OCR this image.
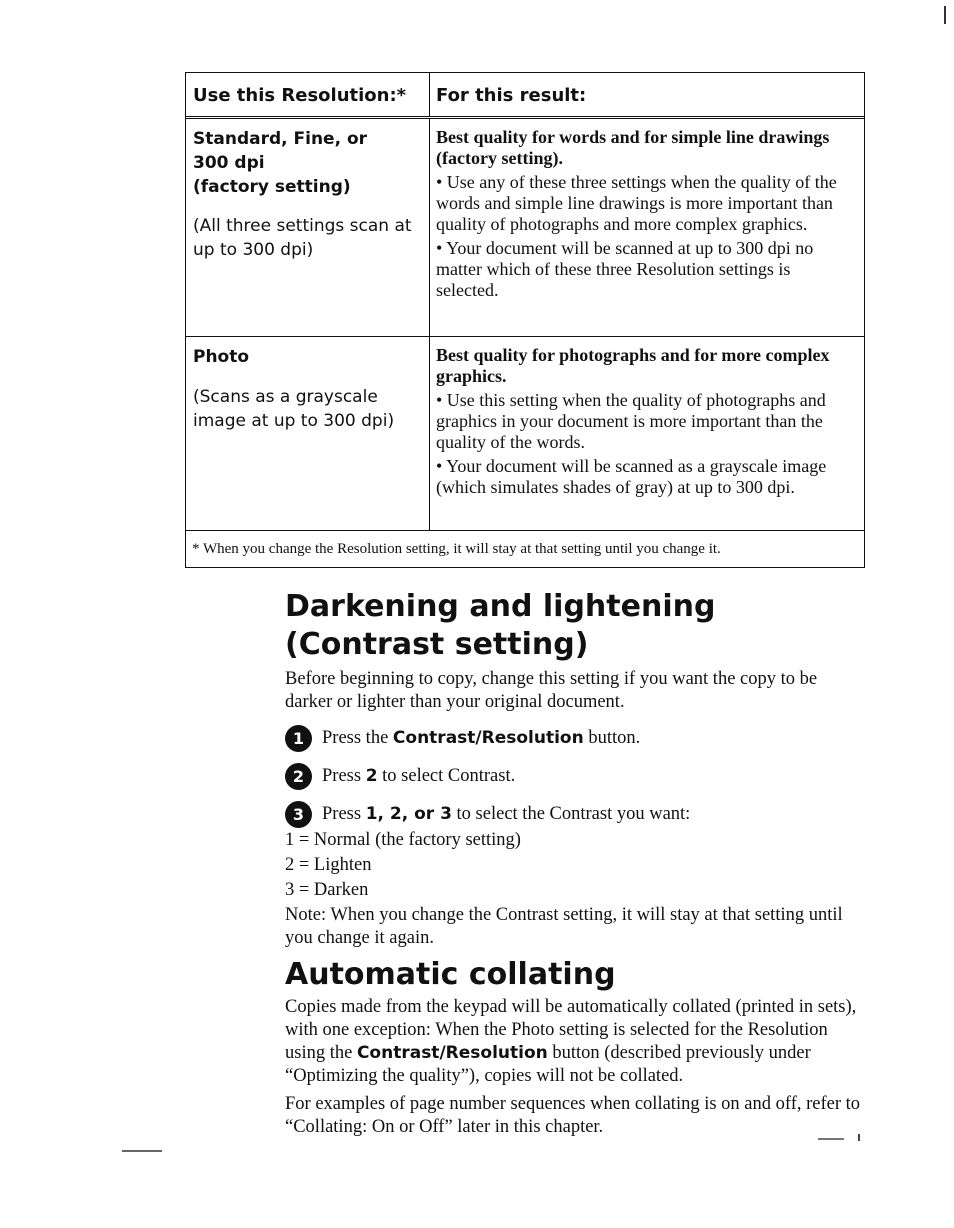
Use this Resolution:*	For this result:
Standard, Fine, or
300 dpi
(factory setting)
(All three settings scan at up to 300 dpi)
Best quality for words and for simple line drawings (factory setting).
• Use any of these three settings when the quality of the words and simple line drawings is more important than quality of photographs and more complex graphics.
• Your document will be scanned at up to 300 dpi no matter which of these three Resolution settings is selected.
Photo
(Scans as a grayscale image at up to 300 dpi)
Best quality for photographs and for more complex graphics.
• Use this setting when the quality of photographs and graphics in your document is more important than the quality of the words.
• Your document will be scanned as a grayscale image (which simulates shades of gray) at up to 300 dpi.
* When you change the Resolution setting, it will stay at that setting until you change it.
Darkening and lightening
(Contrast setting)

Before beginning to copy, change this setting if you want the copy to be darker or lighter than your original document.

1 Press the Contrast/Resolution button.
2 Press 2 to select Contrast.
3 Press 1, 2, or 3 to select the Contrast you want:

1 = Normal (the factory setting)

2 = Lighten

3 = Darken

Note: When you change the Contrast setting, it will stay at that setting until you change it again.

Automatic collating

Copies made from the keypad will be automatically collated (printed in sets), with one exception: When the Photo setting is selected for the Resolution using the Contrast/Resolution button (described previously under “Optimizing the quality”), copies will not be collated.

For examples of page number sequences when collating is on and off, refer to “Collating: On or Off” later in this chapter.
